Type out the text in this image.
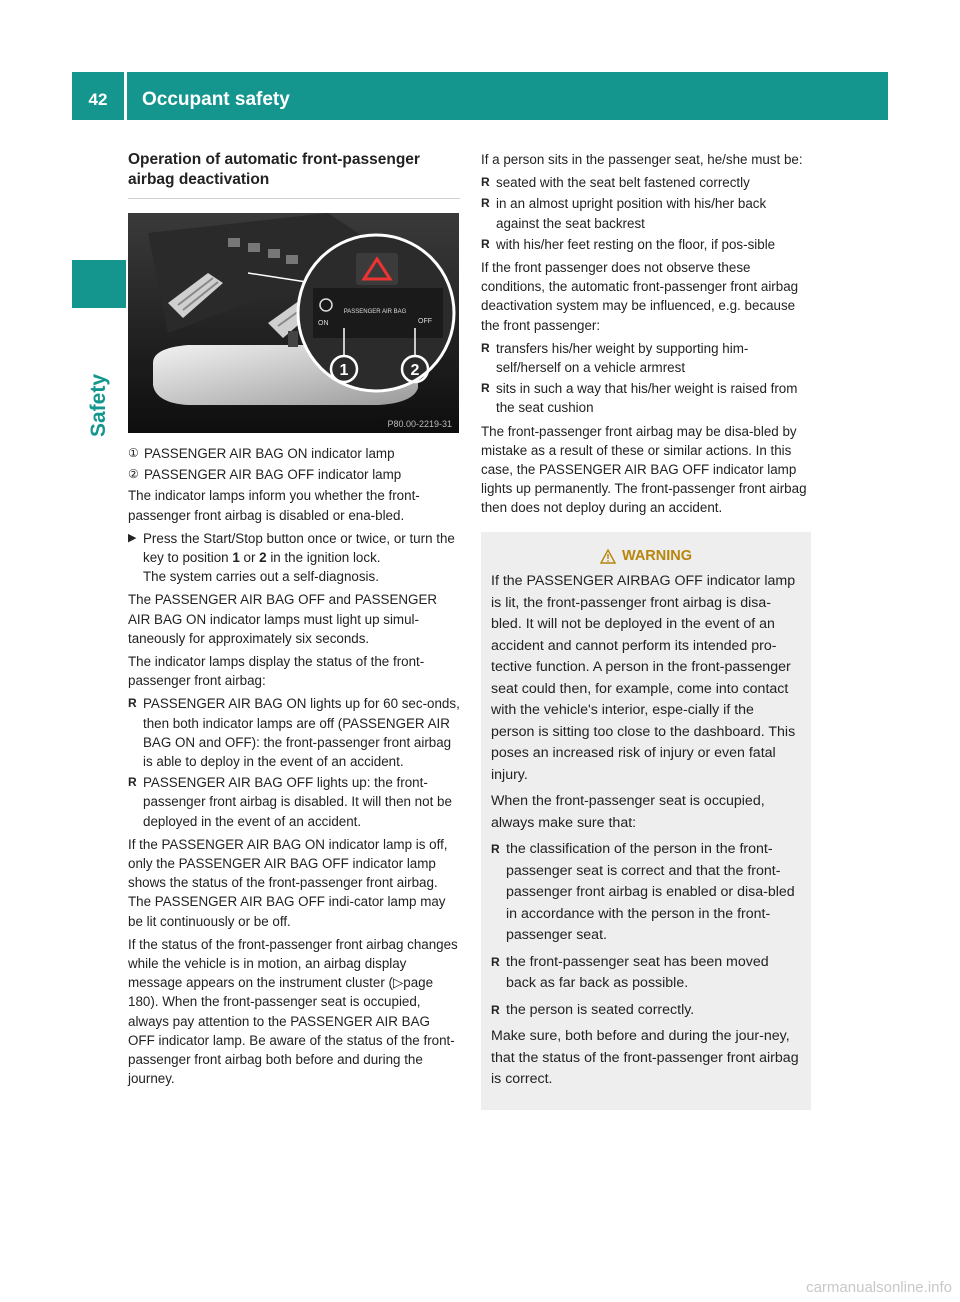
42	Occupant safety
Safety
Operation of automatic front-passenger airbag deactivation
ON
PASSENGER AIR BAG
OFF
1	2
P80.00-2219-31
① PASSENGER AIR BAG ON indicator lamp
② PASSENGER AIR BAG OFF indicator lamp

The indicator lamps inform you whether the front-passenger front airbag is disabled or ena-bled.

▶ Press the Start/Stop button once or twice, or turn the key to position 1 or 2 in the ignition lock.
The system carries out a self-diagnosis.

The PASSENGER AIR BAG OFF and PASSENGER AIR BAG ON indicator lamps must light up simul-taneously for approximately six seconds.

The indicator lamps display the status of the front-passenger front airbag:

R PASSENGER AIR BAG ON lights up for 60 sec-onds, then both indicator lamps are off (PASSENGER AIR BAG ON and OFF): the front-passenger front airbag is able to deploy in the event of an accident.
R PASSENGER AIR BAG OFF lights up: the front-passenger front airbag is disabled. It will then not be deployed in the event of an accident.

If the PASSENGER AIR BAG ON indicator lamp is off, only the PASSENGER AIR BAG OFF indicator lamp shows the status of the front-passenger front airbag. The PASSENGER AIR BAG OFF indi-cator lamp may be lit continuously or be off.

If the status of the front-passenger front airbag changes while the vehicle is in motion, an airbag display message appears on the instrument cluster (▷page 180). When the front-passenger seat is occupied, always pay attention to the PASSENGER AIR BAG OFF indicator lamp. Be aware of the status of the front-passenger front airbag both before and during the journey.

If a person sits in the passenger seat, he/she must be:

R seated with the seat belt fastened correctly
R in an almost upright position with his/her back against the seat backrest
R with his/her feet resting on the floor, if pos-sible

If the front passenger does not observe these conditions, the automatic front-passenger front airbag deactivation system may be influenced, e.g. because the front passenger:

R transfers his/her weight by supporting him-self/herself on a vehicle armrest
R sits in such a way that his/her weight is raised from the seat cushion

The front-passenger front airbag may be disa-bled by mistake as a result of these or similar actions. In this case, the PASSENGER AIR BAG OFF indicator lamp lights up permanently. The front-passenger front airbag then does not deploy during an accident.

WARNING

If the PASSENGER AIRBAG OFF indicator lamp is lit, the front-passenger front airbag is disa-bled. It will not be deployed in the event of an accident and cannot perform its intended pro-tective function. A person in the front-passenger seat could then, for example, come into contact with the vehicle's interior, espe-cially if the person is sitting too close to the dashboard. This poses an increased risk of injury or even fatal injury.

When the front-passenger seat is occupied, always make sure that:

R the classification of the person in the front-passenger seat is correct and that the front-passenger front airbag is enabled or disa-bled in accordance with the person in the front-passenger seat.
R the front-passenger seat has been moved back as far back as possible.
R the person is seated correctly.

Make sure, both before and during the jour-ney, that the status of the front-passenger front airbag is correct.

carmanualsonline.info
